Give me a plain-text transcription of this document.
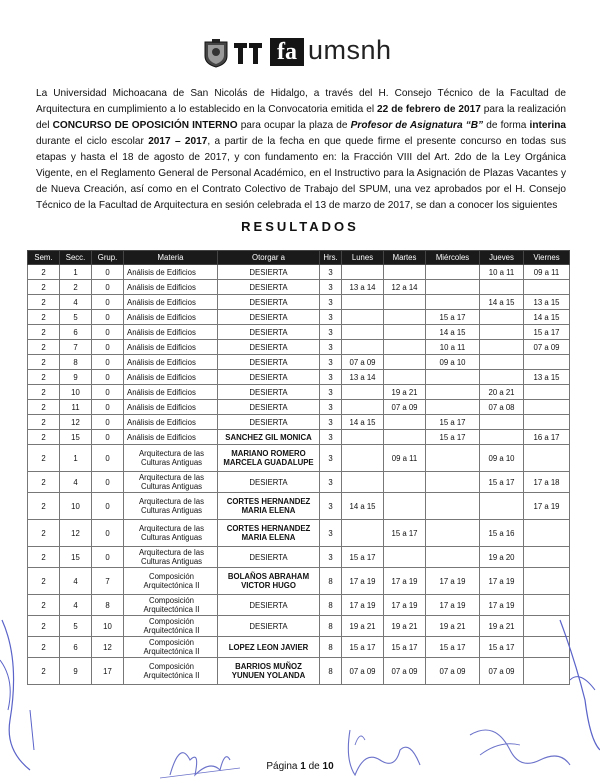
fa umsnh
La Universidad Michoacana de San Nicolás de Hidalgo, a través del H. Consejo Técnico de la Facultad de Arquitectura en cumplimiento a lo establecido en la Convocatoria emitida el 22 de febrero de 2017 para la realización del CONCURSO DE OPOSICIÓN INTERNO para ocupar la plaza de Profesor de Asignatura “B” de forma interina durante el ciclo escolar 2017 – 2017, a partir de la fecha en que quede firme el presente concurso en todas sus etapas y hasta el 18 de agosto de 2017, y con fundamento en: la Fracción VIII del Art. 2do de la Ley Orgánica Vigente, en el Reglamento General de Personal Académico, en el Instructivo para la Asignación de Plazas Vacantes y de Nueva Creación, así como en el Contrato Colectivo de Trabajo del SPUM, una vez aprobados por el H. Consejo Técnico de la Facultad de Arquitectura en sesión celebrada el 13 de marzo de 2017, se dan a conocer los siguientes
RESULTADOS
Sem.	Secc.	Grup.	Materia	Otorgar a	Hrs.	Lunes	Martes	Miércoles	Jueves	Viernes
2	1	0	Análisis de Edificios	DESIERTA	3				10 a 11	09 a 11
2	2	0	Análisis de Edificios	DESIERTA	3	13 a 14	12 a 14			
2	4	0	Análisis de Edificios	DESIERTA	3				14 a 15	13 a 15
2	5	0	Análisis de Edificios	DESIERTA	3			15 a 17		14 a 15
2	6	0	Análisis de Edificios	DESIERTA	3			14 a 15		15 a 17
2	7	0	Análisis de Edificios	DESIERTA	3			10 a 11		07 a 09
2	8	0	Análisis de Edificios	DESIERTA	3	07 a 09		09 a 10		
2	9	0	Análisis de Edificios	DESIERTA	3	13 a 14				13 a 15
2	10	0	Análisis de Edificios	DESIERTA	3		19 a 21		20 a 21	
2	11	0	Análisis de Edificios	DESIERTA	3		07 a 09		07 a 08	
2	12	0	Análisis de Edificios	DESIERTA	3	14 a 15		15 a 17		
2	15	0	Análisis de Edificios	SANCHEZ GIL MONICA	3			15 a 17		16 a 17
2	1	0	Arquitectura de las Culturas Antiguas	MARIANO ROMERO MARCELA GUADALUPE	3		09 a 11		09 a 10	
2	4	0	Arquitectura de las Culturas Antiguas	DESIERTA	3				15 a 17	17 a 18
2	10	0	Arquitectura de las Culturas Antiguas	CORTES HERNANDEZ MARIA ELENA	3	14 a 15				17 a 19
2	12	0	Arquitectura de las Culturas Antiguas	CORTES HERNANDEZ MARIA ELENA	3		15 a 17		15 a 16	
2	15	0	Arquitectura de las Culturas Antiguas	DESIERTA	3	15 a 17			19 a 20	
2	4	7	Composición Arquitectónica II	BOLAÑOS ABRAHAM VICTOR HUGO	8	17 a 19	17 a 19	17 a 19	17 a 19	
2	4	8	Composición Arquitectónica II	DESIERTA	8	17 a 19	17 a 19	17 a 19	17 a 19	
2	5	10	Composición Arquitectónica II	DESIERTA	8	19 a 21	19 a 21	19 a 21	19 a 21	
2	6	12	Composición Arquitectónica II	LOPEZ LEON JAVIER	8	15 a 17	15 a 17	15 a 17	15 a 17	
2	9	17	Composición Arquitectónica II	BARRIOS MUÑOZ YUNUEN YOLANDA	8	07 a 09	07 a 09	07 a 09	07 a 09	
Página 1 de 10
